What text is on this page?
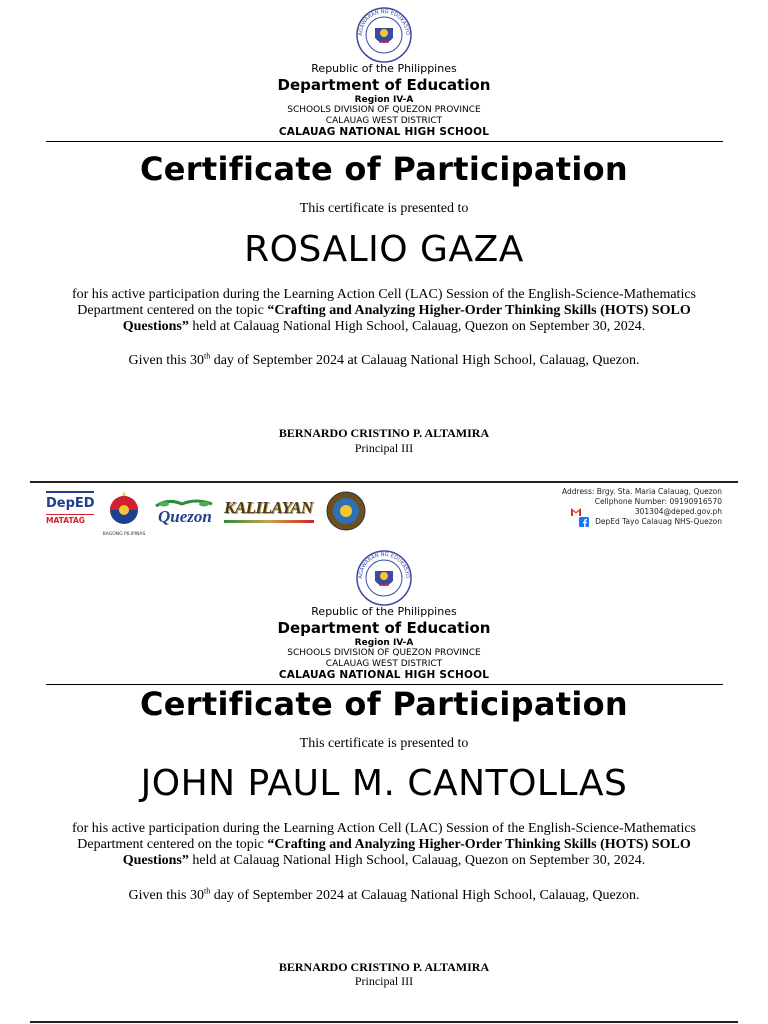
AGAWARAN NG EDUKASYO
Republic of the Philippines
Department of Education
Region IV-A
SCHOOLS DIVISION OF QUEZON PROVINCE
CALAUAG WEST DISTRICT
CALAUAG NATIONAL HIGH SCHOOL
Certificate of Participation
This certificate is presented to
ROSALIO GAZA
for his active participation during the Learning Action Cell (LAC) Session of the English-Science-Mathematics Department centered on the topic “Crafting and Analyzing Higher-Order Thinking Skills (HOTS) SOLO Questions” held at Calauag National High School, Calauag, Quezon on September 30, 2024.
Given this 30th day of September 2024 at Calauag National High School, Calauag, Quezon.
BERNARDO CRISTINO P. ALTAMIRA
Principal III
DepED
MATATAG
BAGONG PILIPINAS
Quezon KALILAYAN
Address: Brgy. Sta. Maria Calauag, Quezon
Cellphone Number: 09190916570
301304@deped.gov.ph
DepEd Tayo Calauag NHS-Quezon
AGAWARAN NG EDUKASYO
Republic of the Philippines
Department of Education
Region IV-A
SCHOOLS DIVISION OF QUEZON PROVINCE
CALAUAG WEST DISTRICT
CALAUAG NATIONAL HIGH SCHOOL
Certificate of Participation
This certificate is presented to
JOHN PAUL M. CANTOLLAS
for his active participation during the Learning Action Cell (LAC) Session of the English-Science-Mathematics Department centered on the topic “Crafting and Analyzing Higher-Order Thinking Skills (HOTS) SOLO Questions” held at Calauag National High School, Calauag, Quezon on September 30, 2024.
Given this 30th day of September 2024 at Calauag National High School, Calauag, Quezon.
BERNARDO CRISTINO P. ALTAMIRA
Principal III
